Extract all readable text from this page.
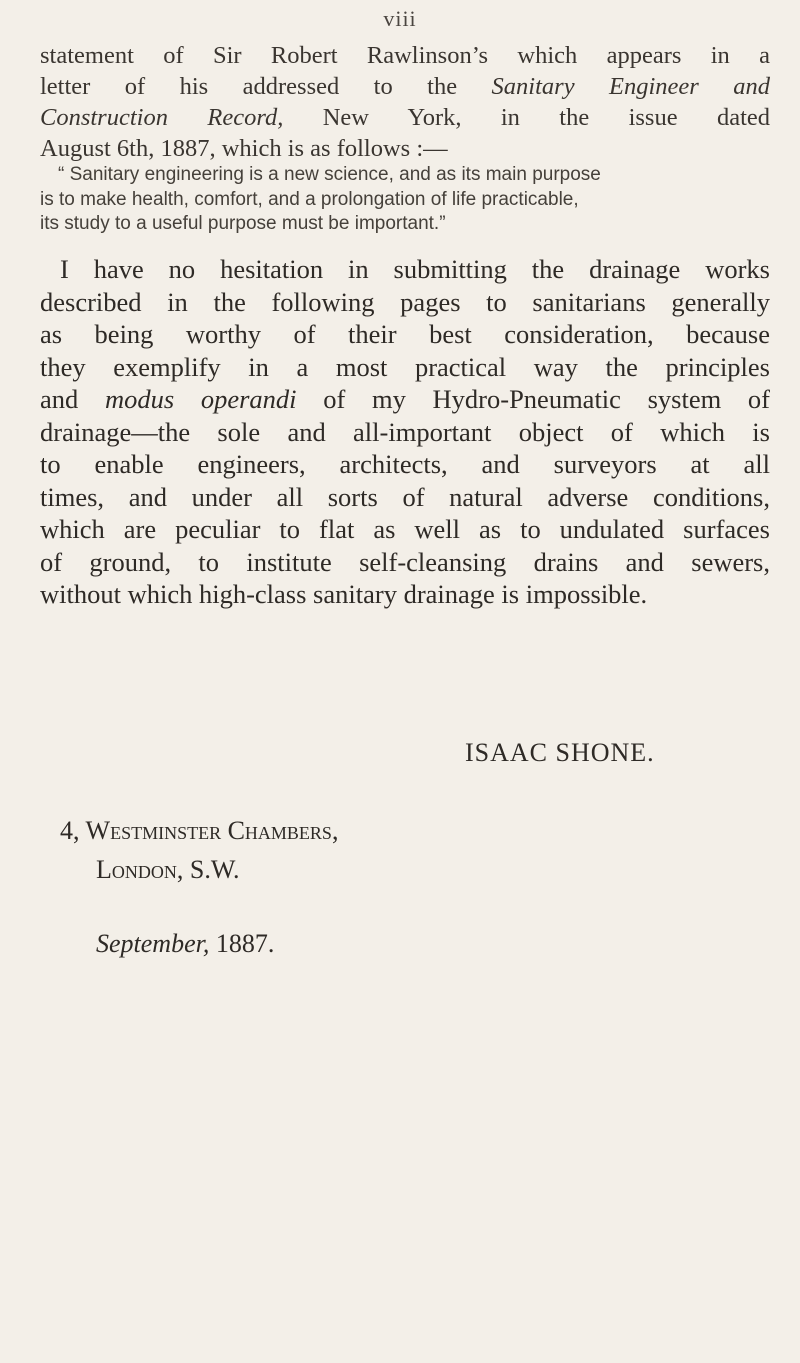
viii
statement of Sir Robert Rawlinson’s which appears in a
letter of his addressed to the Sanitary Engineer and
Construction Record, New York, in the issue dated
August 6th, 1887, which is as follows :—
“ Sanitary engineering is a new science, and as its main purpose
is to make health, comfort, and a prolongation of life practicable,
its study to a useful purpose must be important.”
I have no hesitation in submitting the drainage works
described in the following pages to sanitarians generally
as being worthy of their best consideration, because
they exemplify in a most practical way the principles
and modus operandi of my Hydro-Pneumatic system of
drainage—the sole and all-important object of which is
to enable engineers, architects, and surveyors at all
times, and under all sorts of natural adverse conditions,
which are peculiar to flat as well as to undulated surfaces
of ground, to institute self-cleansing drains and sewers,
without which high-class sanitary drainage is impossible.
ISAAC SHONE.
4, Westminster Chambers,
London, S.W.
September, 1887.
